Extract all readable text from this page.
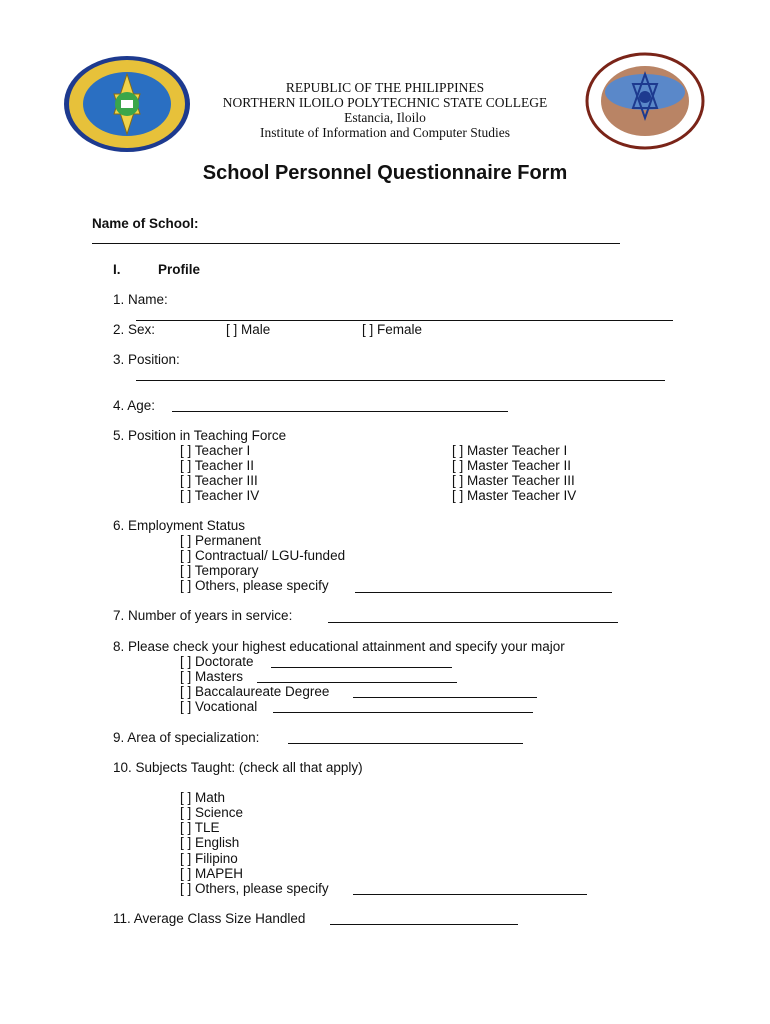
REPUBLIC OF THE PHILIPPINES
NORTHERN ILOILO POLYTECHNIC STATE COLLEGE
Estancia, Iloilo
Institute of Information and Computer Studies
School Personnel Questionnaire Form
Name of School:
I.	Profile
1. Name:
2. Sex:	[ ] Male	[ ] Female
3. Position:
4. Age:
5. Position in Teaching Force
[ ] Teacher I
[ ] Teacher II
[ ] Teacher III
[ ] Teacher IV
[ ] Master Teacher I
[ ] Master Teacher II
[ ] Master Teacher III
[ ] Master Teacher IV
6. Employment Status
[ ] Permanent
[ ] Contractual/ LGU-funded
[ ] Temporary
[ ] Others, please specify
7. Number of years in service:
8. Please check your highest educational attainment and specify your major
[ ] Doctorate
[ ] Masters
[ ] Baccalaureate Degree
[ ] Vocational
9. Area of specialization:
10. Subjects Taught: (check all that apply)
[ ] Math
[ ] Science
[ ] TLE
[ ] English
[ ] Filipino
[ ] MAPEH
[ ] Others, please specify
11. Average Class Size Handled
